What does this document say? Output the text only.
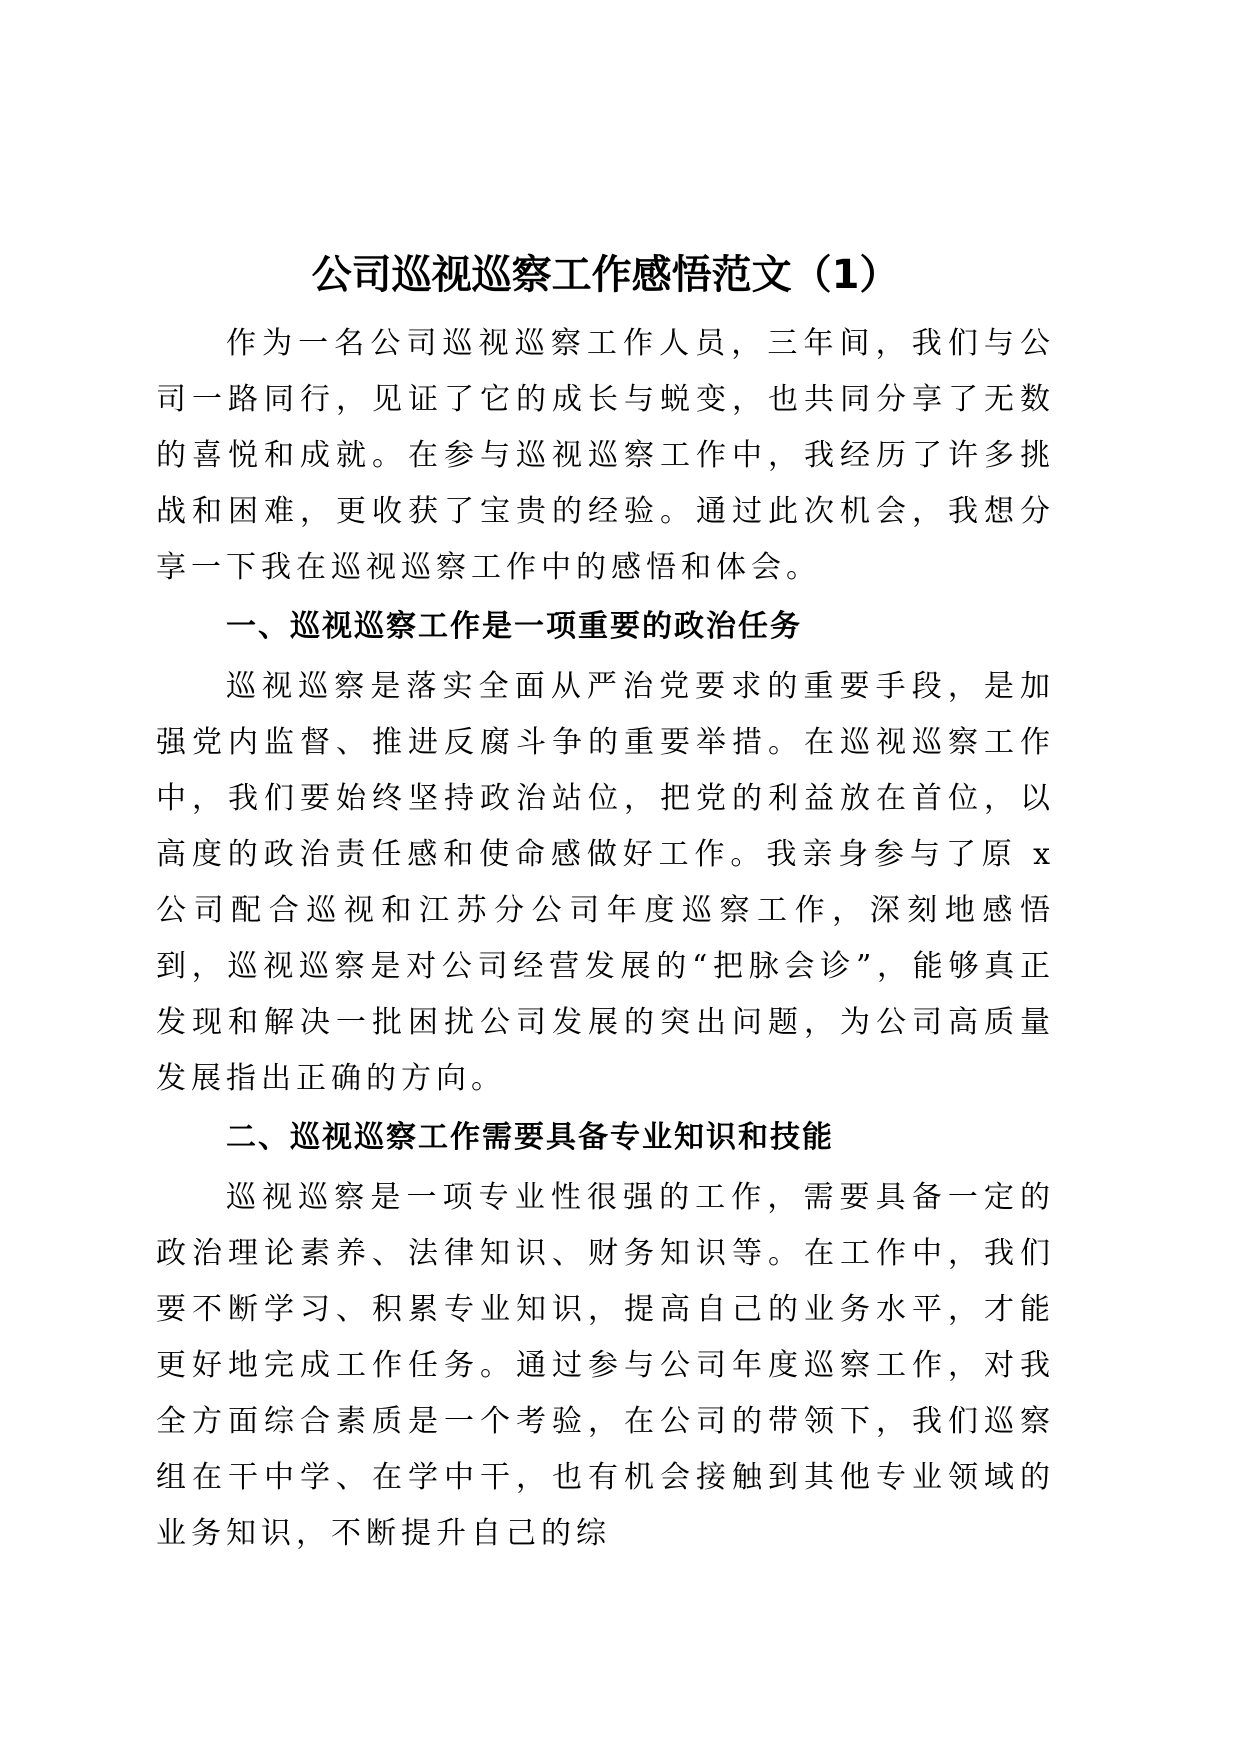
公司巡视巡察工作感悟范文（1）

作为一名公司巡视巡察工作人员，三年间，我们与公司一路同行，见证了它的成长与蜕变，也共同分享了无数的喜悦和成就。在参与巡视巡察工作中，我经历了许多挑战和困难，更收获了宝贵的经验。通过此次机会，我想分享一下我在巡视巡察工作中的感悟和体会。

一、巡视巡察工作是一项重要的政治任务

巡视巡察是落实全面从严治党要求的重要手段，是加强党内监督、推进反腐斗争的重要举措。在巡视巡察工作中，我们要始终坚持政治站位，把党的利益放在首位，以高度的政治责任感和使命感做好工作。我亲身参与了原 x 公司配合巡视和江苏分公司年度巡察工作，深刻地感悟到，巡视巡察是对公司经营发展的“把脉会诊”，能够真正发现和解决一批困扰公司发展的突出问题，为公司高质量发展指出正确的方向。

二、巡视巡察工作需要具备专业知识和技能

巡视巡察是一项专业性很强的工作，需要具备一定的政治理论素养、法律知识、财务知识等。在工作中，我们要不断学习、积累专业知识，提高自己的业务水平，才能更好地完成工作任务。通过参与公司年度巡察工作，对我全方面综合素质是一个考验，在公司的带领下，我们巡察组在干中学、在学中干，也有机会接触到其他专业领域的业务知识，不断提升自己的综
